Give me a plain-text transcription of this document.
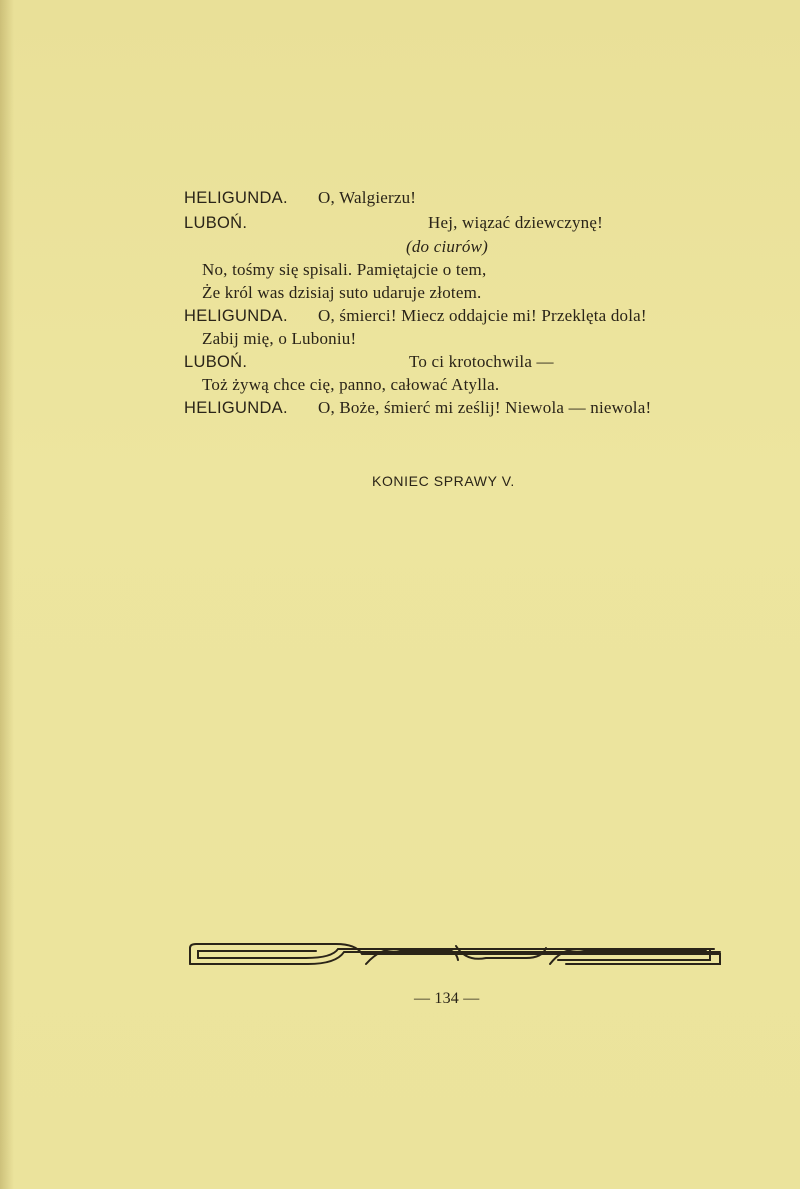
HELIGUNDA. O, Walgierzu!
LUBOŃ.	Hej, wiązać dziewczynę!
(do ciurów)
No, tośmy się spisali. Pamiętajcie o tem,
Że król was dzisiaj suto udaruje złotem.
HELIGUNDA. O, śmierci! Miecz oddajcie mi! Przeklęta dola!
Zabij mię, o Luboniu!
LUBOŃ.	To ci krotochwila —
Toż żywą chce cię, panno, całować Atylla.
HELIGUNDA. O, Boże, śmierć mi ześlij! Niewola — niewola!
KONIEC SPRAWY V.
— 134 —
